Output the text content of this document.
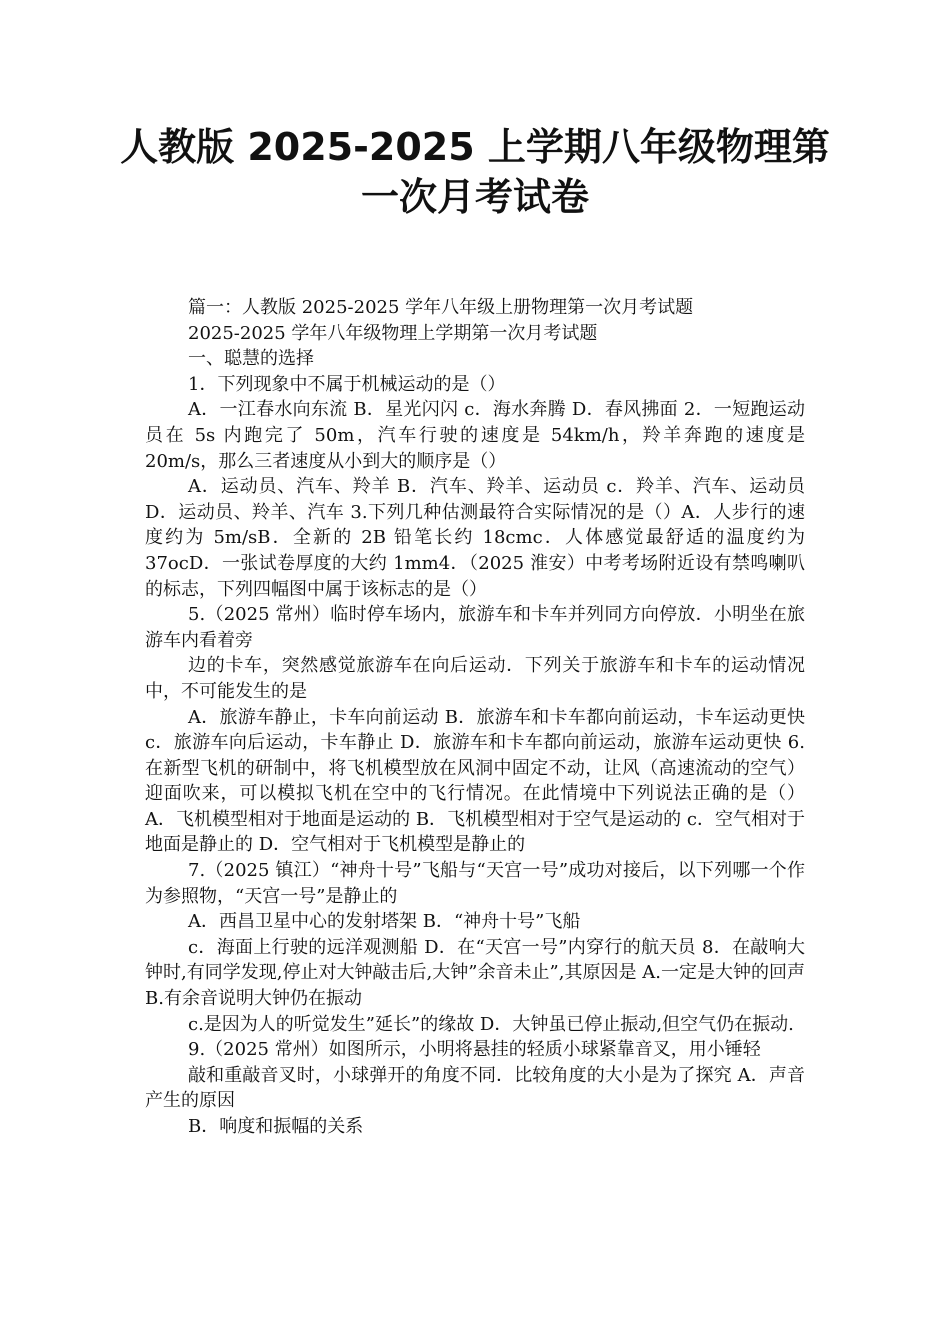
人教版 2025-2025 上学期八年级物理第
一次月考试卷

篇一：人教版 2025-2025 学年八年级上册物理第一次月考试题

2025-2025 学年八年级物理上学期第一次月考试题

一、聪慧的选择

1．下列现象中不属于机械运动的是（）

A．一江春水向东流 B．星光闪闪 c．海水奔腾 D．春风拂面 2．一短跑运动员在 5s 内跑完了 50m，汽车行驶的速度是 54km/h，羚羊奔跑的速度是 20m/s，那么三者速度从小到大的顺序是（）

A．运动员、汽车、羚羊 B．汽车、羚羊、运动员 c．羚羊、汽车、运动员 D．运动员、羚羊、汽车 3.下列几种估测最符合实际情况的是（）A．人步行的速度约为 5m/sB．全新的 2B 铅笔长约 18cmc．人体感觉最舒适的温度约为 37ocD．一张试卷厚度的大约 1mm4．（2025 淮安）中考考场附近设有禁鸣喇叭的标志，下列四幅图中属于该标志的是（）

5.（2025 常州）临时停车场内，旅游车和卡车并列同方向停放．小明坐在旅游车内看着旁

边的卡车，突然感觉旅游车在向后运动．下列关于旅游车和卡车的运动情况中，不可能发生的是

A．旅游车静止，卡车向前运动 B．旅游车和卡车都向前运动，卡车运动更快 c．旅游车向后运动，卡车静止 D．旅游车和卡车都向前运动，旅游车运动更快 6.在新型飞机的研制中，将飞机模型放在风洞中固定不动，让风（高速流动的空气）迎面吹来，可以模拟飞机在空中的飞行情况。在此情境中下列说法正确的是（）A．飞机模型相对于地面是运动的 B．飞机模型相对于空气是运动的 c．空气相对于地面是静止的 D．空气相对于飞机模型是静止的

7.（2025 镇江）“神舟十号”飞船与“天宫一号”成功对接后，以下列哪一个作为参照物，“天宫一号”是静止的

A．西昌卫星中心的发射塔架 B．“神舟十号”飞船

c．海面上行驶的远洋观测船 D．在“天宫一号”内穿行的航天员 8．在敲响大钟时,有同学发现,停止对大钟敲击后,大钟”余音未止”,其原因是 A.一定是大钟的回声 B.有余音说明大钟仍在振动

c.是因为人的听觉发生”延长”的缘故 D．大钟虽已停止振动,但空气仍在振动.

9.（2025 常州）如图所示，小明将悬挂的轻质小球紧靠音叉，用小锤轻

敲和重敲音叉时，小球弹开的角度不同．比较角度的大小是为了探究 A．声音产生的原因

B．响度和振幅的关系
